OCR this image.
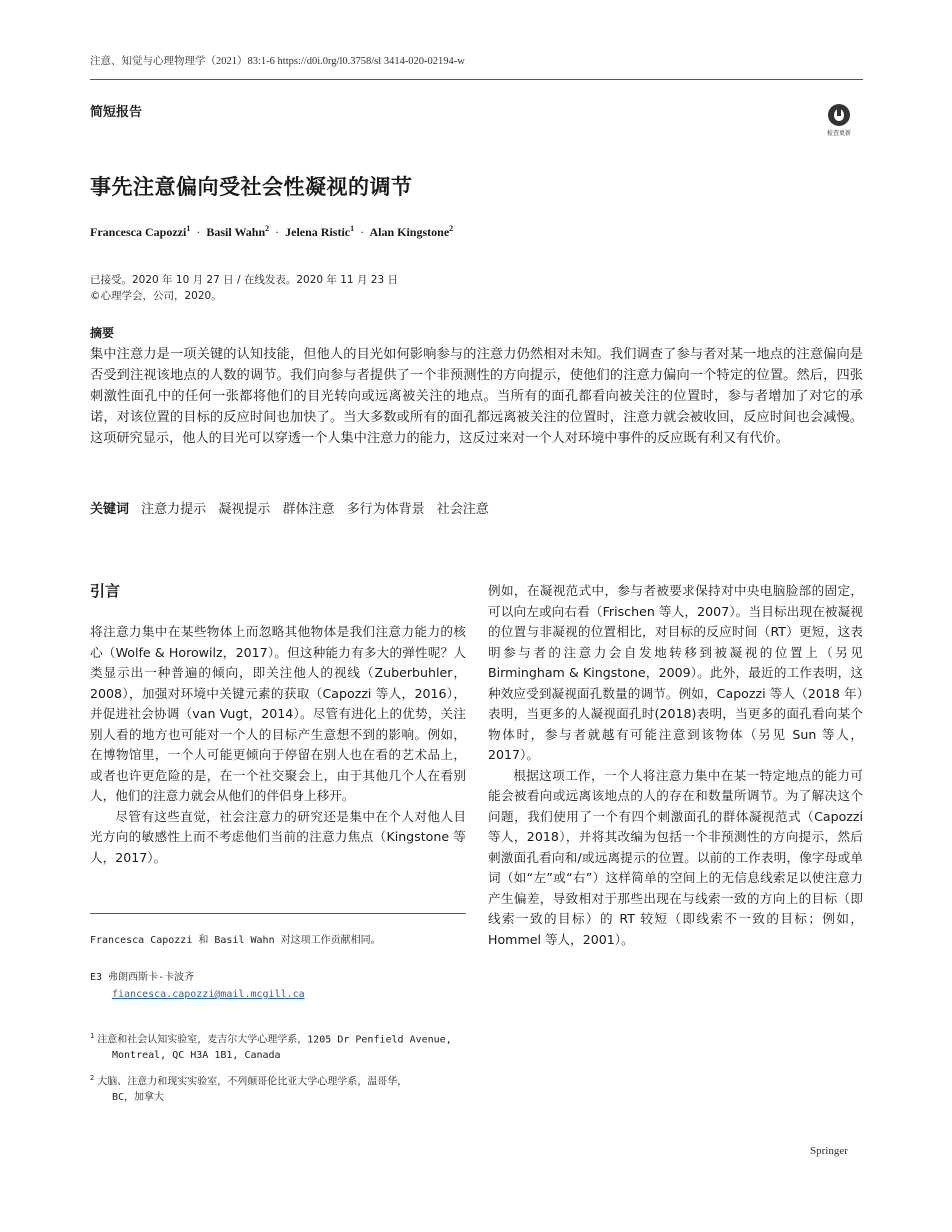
注意、知觉与心理物理学（2021）83:1-6 https://d0i.0rg/l0.3758/sl 3414-020-02194-w
简短报告
检查更新
事先注意偏向受社会性凝视的调节
Francesca Capozzi$^1$ · Basil Wahn$^2$ · Jelena Ristic$^1$ · Alan Kingstone$^2$
已接受。2020 年 10 月 27 日 / 在线发表。2020 年 11 月 23 日
©心理学会，公司，2020。
摘要

集中注意力是一项关键的认知技能，但他人的目光如何影响参与的注意力仍然相对未知。我们调查了参与者对某一地点的注意偏向是否受到注视该地点的人数的调节。我们向参与者提供了一个非预测性的方向提示，使他们的注意力偏向一个特定的位置。然后，四张刺激性面孔中的任何一张都将他们的目光转向或远离被关注的地点。当所有的面孔都看向被关注的位置时，参与者增加了对它的承诺，对该位置的目标的反应时间也加快了。当大多数或所有的面孔都远离被关注的位置时，注意力就会被收回，反应时间也会减慢。这项研究显示，他人的目光可以穿透一个人集中注意力的能力，这反过来对一个人对环境中事件的反应既有利又有代价。

关键词 注意力提示 凝视提示 群体注意 多行为体背景 社会注意
引言

将注意力集中在某些物体上而忽略其他物体是我们注意力能力的核心（Wolfe & Horowilz，2017）。但这种能力有多大的弹性呢？人类显示出一种普遍的倾向，即关注他人的视线（Zuberbuhler，2008），加强对环境中关键元素的获取（Capozzi 等人，2016），并促进社会协调（van Vugt，2014）。尽管有进化上的优势，关注别人看的地方也可能对一个人的目标产生意想不到的影响。例如，在博物馆里，一个人可能更倾向于停留在别人也在看的艺术品上，或者也许更危险的是，在一个社交聚会上，由于其他几个人在看别人，他们的注意力就会从他们的伴侣身上移开。

尽管有这些直觉，社会注意力的研究还是集中在个人对他人目光方向的敏感性上而不考虑他们当前的注意力焦点（Kingstone 等人，2017）。

例如，在凝视范式中，参与者被要求保持对中央电脑脸部的固定，可以向左或向右看（Frischen 等人，2007）。当目标出现在被凝视的位置与非凝视的位置相比，对目标的反应时间（RT）更短，这表明参与者的注意力会自发地转移到被凝视的位置上（另见 Birmingham & Kingstone，2009）。此外，最近的工作表明，这种效应受到凝视面孔数量的调节。例如，Capozzi 等人（2018 年）表明，当更多的人凝视面孔时(2018)表明，当更多的面孔看向某个物体时，参与者就越有可能注意到该物体（另见 Sun 等人，2017）。

根据这项工作，一个人将注意力集中在某一特定地点的能力可能会被看向或远离该地点的人的存在和数量所调节。为了解决这个问题，我们使用了一个有四个刺激面孔的群体凝视范式（Capozzi 等人，2018），并将其改编为包括一个非预测性的方向提示，然后刺激面孔看向和/或远离提示的位置。以前的工作表明，像字母或单词（如“左”或“右”）这样简单的空间上的无信息线索足以使注意力产生偏差，导致相对于那些出现在与线索一致的方向上的目标（即线索一致的目标）的 RT 较短（即线索不一致的目标；例如，Hommel 等人，2001）。

Francesca Capozzi 和 Basil Wahn 对这项工作贡献相同。
E3 弗朗西斯卡-卡波齐
fiancesca.capozzi@mail.mcgill.ca
$^1$ 注意和社会认知实验室，麦吉尔大学心理学系，1205 Dr Penfield Avenue,
Montreal, QC H3A 1B1, Canada
$^2$ 大脑、注意力和现实实验室，不列颠哥伦比亚大学心理学系，温哥华，
BC，加拿大
Springer
